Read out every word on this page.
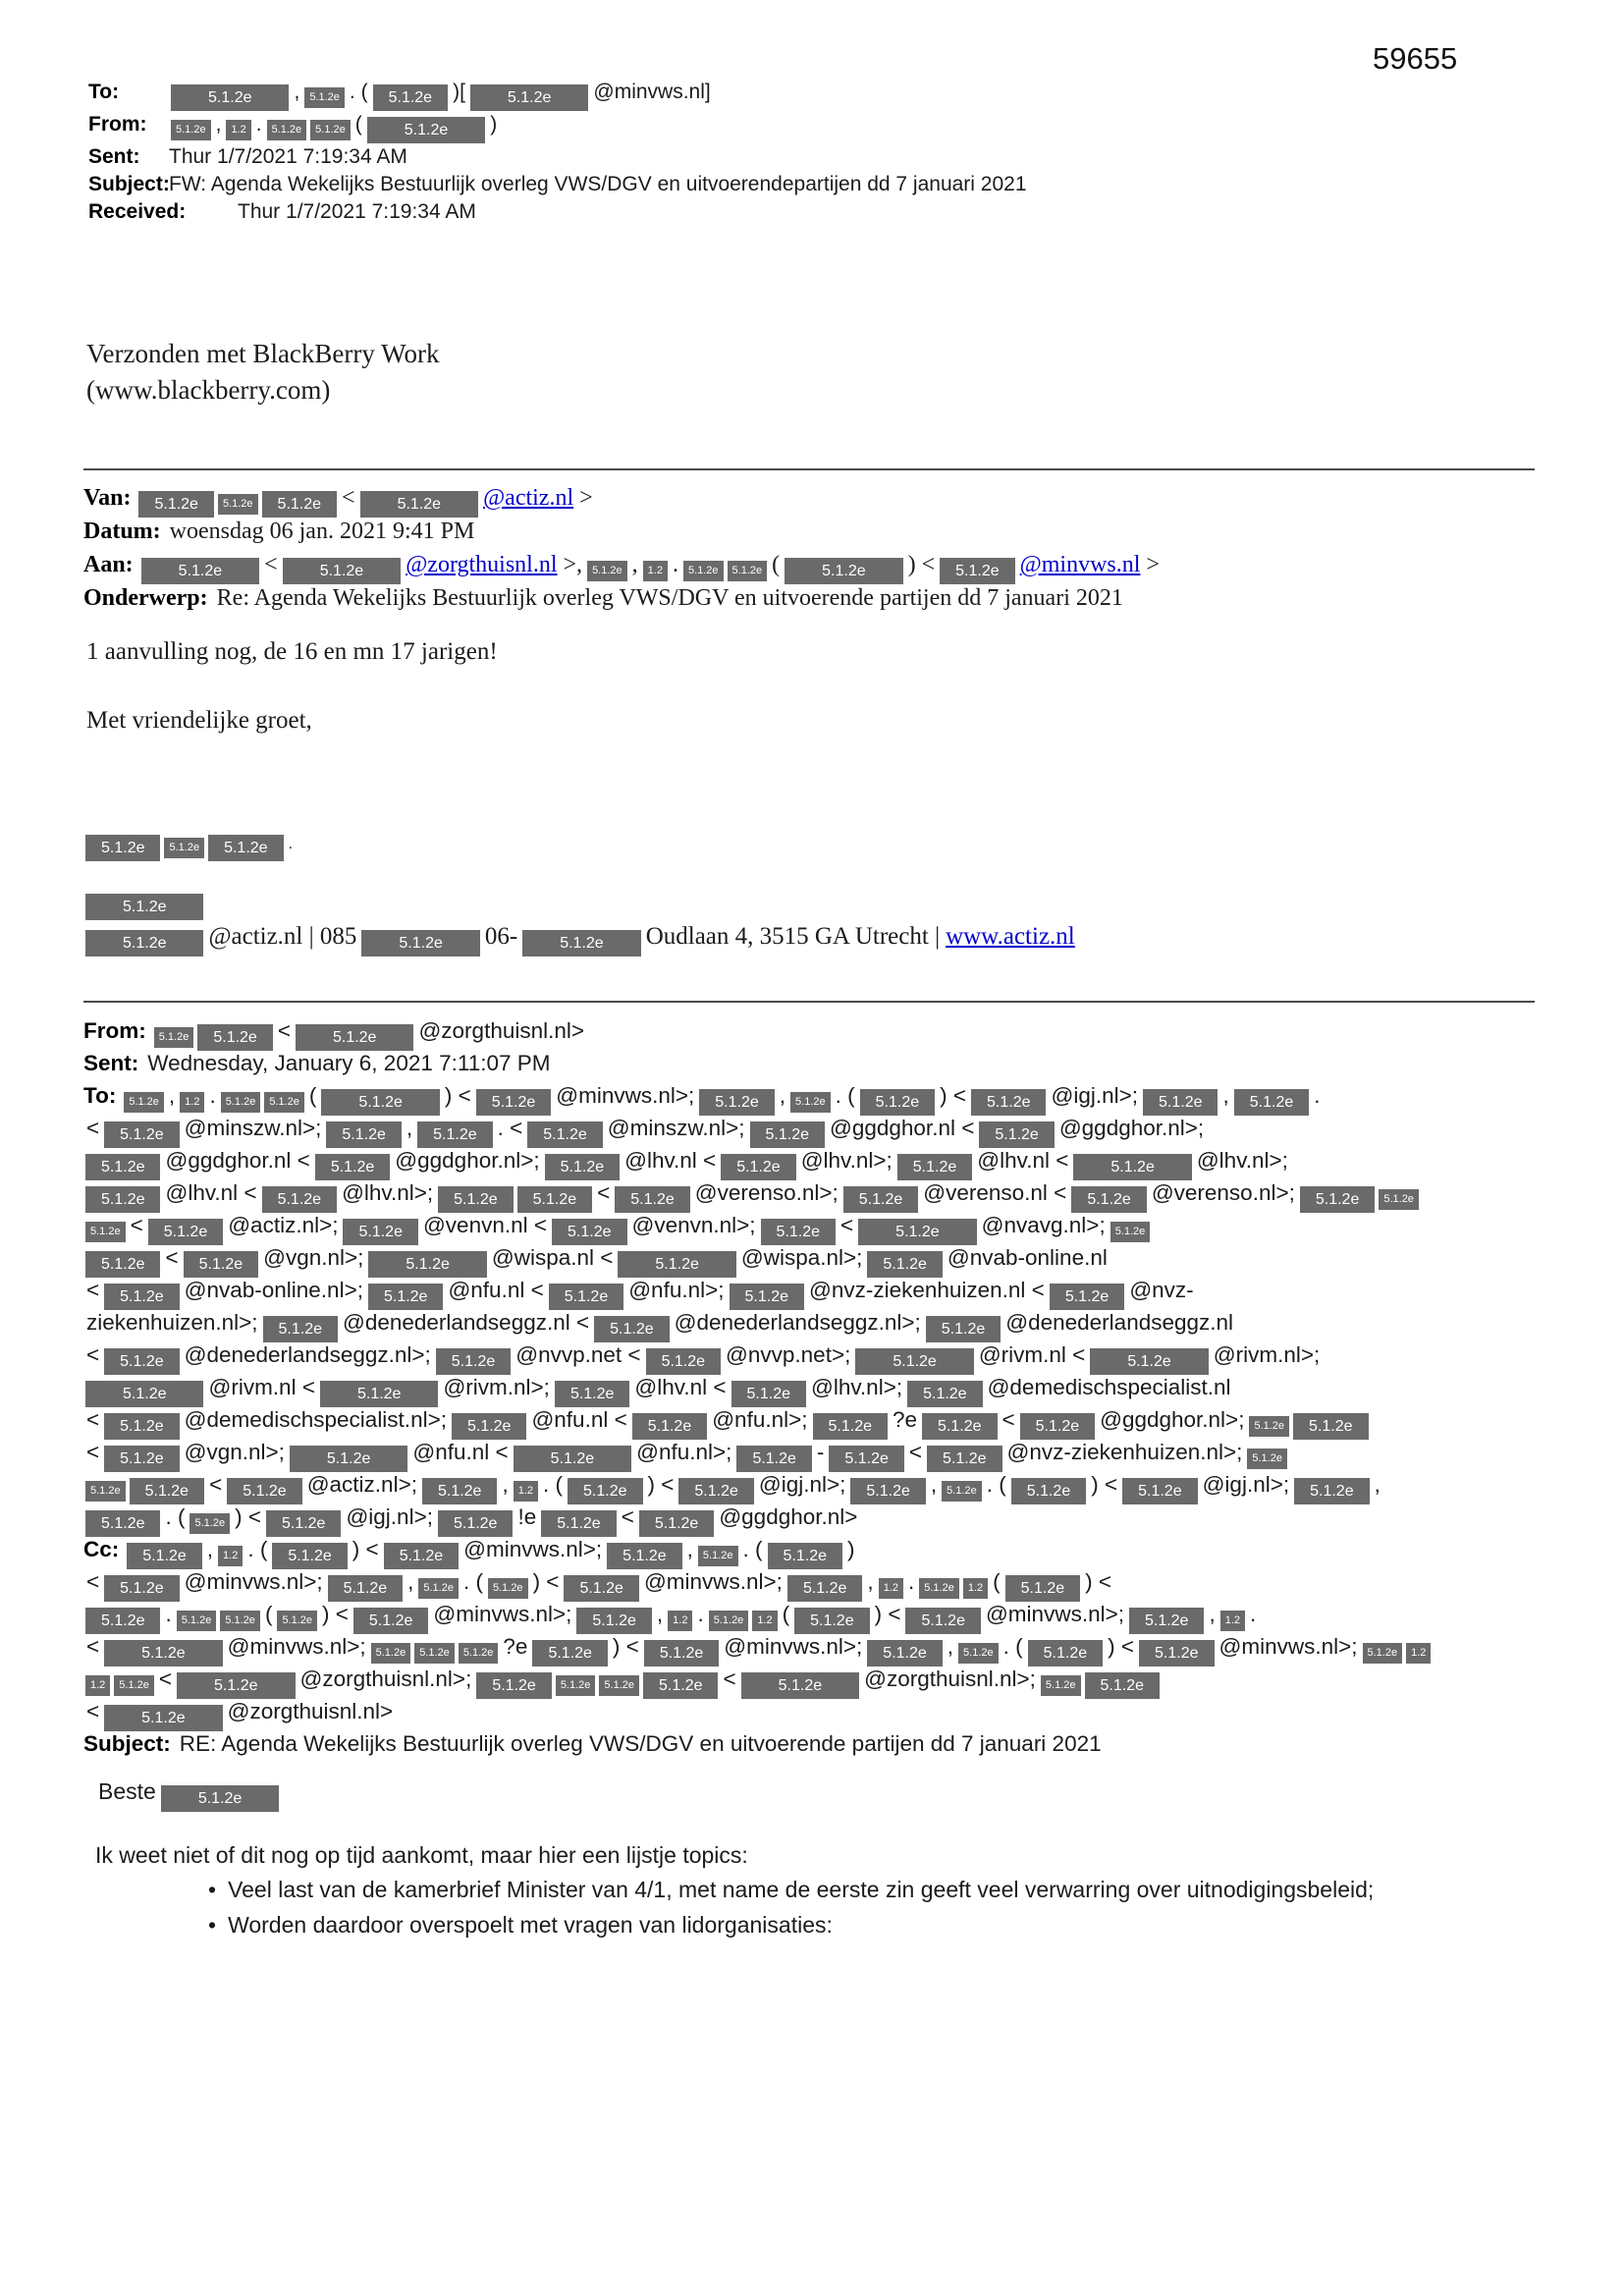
59655
To:	5.1.2e , 5.1.2e . ( 5.1.2e )[	5.1.2e @minvws.nl]
From:	5.1.2e , 1.2 . 5.1.2e 5.1.2e (	5.1.2e )
Sent:	Thur 1/7/2021 7:19:34 AM
Subject: FW: Agenda Wekelijks Bestuurlijk overleg VWS/DGV en uitvoerendepartijen dd 7 januari 2021
Received:	Thur 1/7/2021 7:19:34 AM
Verzonden met BlackBerry Work
(www.blackberry.com)
Van: 5.1.2e 5.1.2e 5.1.2e <	5.1.2e @actiz.nl >
Datum: woensdag 06 jan. 2021 9:41 PM
Aan:	5.1.2e <	5.1.2e @zorgthuisnl.nl >, 5.1.2e , 1.2 . 5.1.2e 5.1.2e (	5.1.2e ) < 5.1.2e @minvws.nl >
Onderwerp: Re: Agenda Wekelijks Bestuurlijk overleg VWS/DGV en uitvoerende partijen dd 7 januari 2021
1 aanvulling nog, de 16 en mn 17 jarigen!
Met vriendelijke groet,
5.1.2e 5.1.2e 5.1.2e .
5.1.2e
5.1.2e @actiz.nl | 085	5.1.2e 06-	5.1.2e Oudlaan 4, 3515 GA Utrecht | www.actiz.nl
From: 5.1.2e 5.1.2e <	5.1.2e @zorgthuisnl.nl>
Sent: Wednesday, January 6, 2021 7:11:07 PM
To: 5.1.2e , 1.2 . 5.1.2e 5.1.2e (	5.1.2e ) < 5.1.2e @minvws.nl>; 5.1.2e , 5.1.2e . ( 5.1.2e ) < 5.1.2e @igj.nl>; 5.1.2e , 5.1.2e .
< 5.1.2e @minszw.nl>; 5.1.2e , 5.1.2e . < 5.1.2e @minszw.nl>; 5.1.2e @ggdghor.nl < 5.1.2e @ggdghor.nl>;
5.1.2e @ggdghor.nl < 5.1.2e @ggdghor.nl>; 5.1.2e @lhv.nl < 5.1.2e @lhv.nl>; 5.1.2e @lhv.nl <	5.1.2e @lhv.nl>;
5.1.2e @lhv.nl < 5.1.2e @lhv.nl>; 5.1.2e 5.1.2e < 5.1.2e @verenso.nl>; 5.1.2e @verenso.nl < 5.1.2e @verenso.nl>; 5.1.2e 5.1.2e
5.1.2e < 5.1.2e @actiz.nl>; 5.1.2e @venvn.nl < 5.1.2e @venvn.nl>; 5.1.2e <	5.1.2e @nvavg.nl>; 5.1.2e
5.1.2e < 5.1.2e @vgn.nl>;	5.1.2e @wispa.nl <	5.1.2e @wispa.nl>; 5.1.2e @nvab-online.nl
< 5.1.2e @nvab-online.nl>; 5.1.2e @nfu.nl < 5.1.2e @nfu.nl>; 5.1.2e @nvz-ziekenhuizen.nl < 5.1.2e @nvz-
ziekenhuizen.nl>; 5.1.2e @denederlandseggz.nl < 5.1.2e @denederlandseggz.nl>; 5.1.2e @denederlandseggz.nl
< 5.1.2e @denederlandseggz.nl>; 5.1.2e @nvvp.net < 5.1.2e @nvvp.net>;	5.1.2e @rivm.nl <	5.1.2e @rivm.nl>;
5.1.2e @rivm.nl <	5.1.2e @rivm.nl>; 5.1.2e @lhv.nl < 5.1.2e @lhv.nl>; 5.1.2e @demedischspecialist.nl
< 5.1.2e @demedischspecialist.nl>; 5.1.2e @nfu.nl < 5.1.2e @nfu.nl>; 5.1.2e ?e 5.1.2e < 5.1.2e @ggdghor.nl>; 5.1.2e 5.1.2e
< 5.1.2e @vgn.nl>;	5.1.2e @nfu.nl <	5.1.2e @nfu.nl>; 5.1.2e - 5.1.2e < 5.1.2e @nvz-ziekenhuizen.nl>; 5.1.2e
5.1.2e 5.1.2e < 5.1.2e @actiz.nl>; 5.1.2e , 1.2 . ( 5.1.2e ) < 5.1.2e @igj.nl>; 5.1.2e , 5.1.2e . ( 5.1.2e ) < 5.1.2e @igj.nl>; 5.1.2e ,
5.1.2e . ( 5.1.2e ) < 5.1.2e @igj.nl>; 5.1.2e !e 5.1.2e < 5.1.2e @ggdghor.nl>
Cc: 5.1.2e , 1.2 . ( 5.1.2e ) < 5.1.2e @minvws.nl>; 5.1.2e , 5.1.2e . ( 5.1.2e )
< 5.1.2e @minvws.nl>; 5.1.2e , 5.1.2e . ( 5.1.2e ) < 5.1.2e @minvws.nl>; 5.1.2e , 1.2 . 5.1.2e 1.2 ( 5.1.2e ) <
5.1.2e . 5.1.2e 5.1.2e ( 5.1.2e ) < 5.1.2e @minvws.nl>; 5.1.2e , 1.2 . 5.1.2e 1.2 ( 5.1.2e ) < 5.1.2e @minvws.nl>; 5.1.2e , 1.2 .
<	5.1.2e @minvws.nl>; 5.1.2e 5.1.2e 5.1.2e ?e 5.1.2e ) < 5.1.2e @minvws.nl>; 5.1.2e , 5.1.2e . ( 5.1.2e ) < 5.1.2e @minvws.nl>; 5.1.2e 1.2
1.2 5.1.2e <	5.1.2e @zorgthuisnl.nl>; 5.1.2e 5.1.2e 5.1.2e 5.1.2e <	5.1.2e @zorgthuisnl.nl>; 5.1.2e 5.1.2e
<	5.1.2e @zorgthuisnl.nl>
Subject: RE: Agenda Wekelijks Bestuurlijk overleg VWS/DGV en uitvoerende partijen dd 7 januari 2021
Beste	5.1.2e
Ik weet niet of dit nog op tijd aankomt, maar hier een lijstje topics:
• Veel last van de kamerbrief Minister van 4/1, met name de eerste zin geeft veel verwarring over uitnodigingsbeleid;
• Worden daardoor overspoelt met vragen van lidorganisaties:
